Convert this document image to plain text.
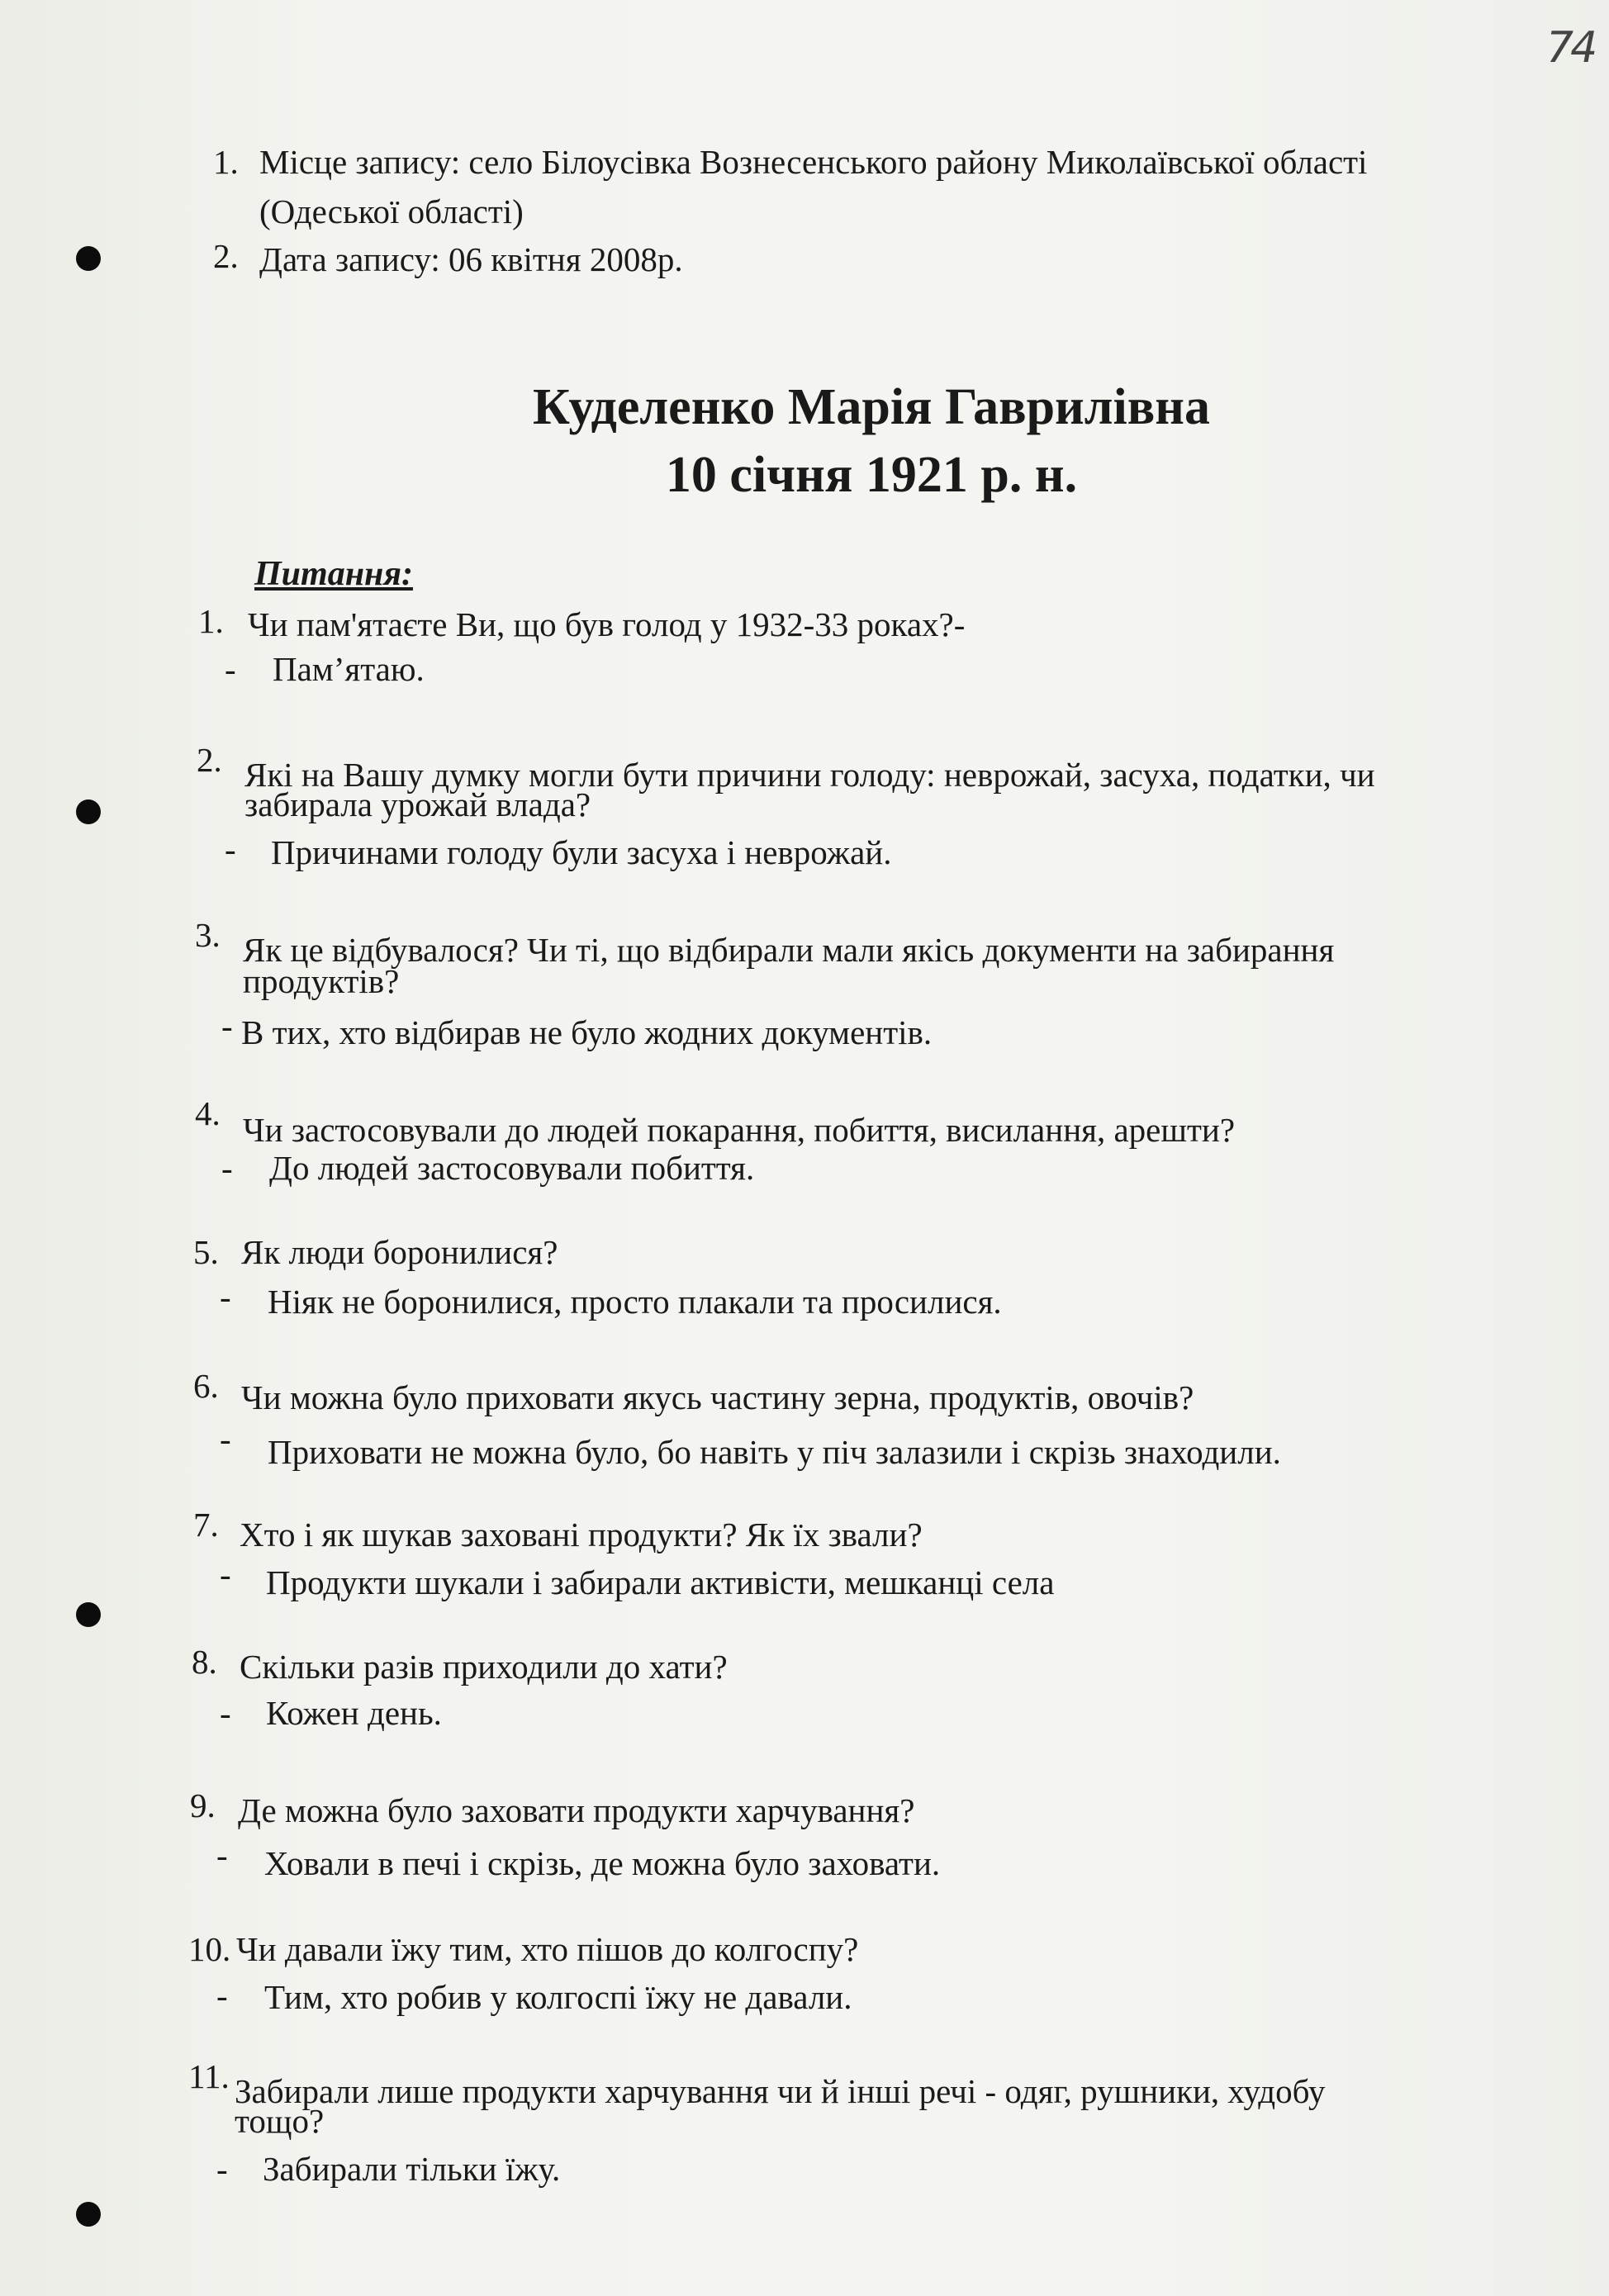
74
1. Місце запису: село Білоусівка Вознесенського району Миколаївської області
(Одеської області)
2. Дата запису: 06 квітня 2008р.
Куделенко Марія Гаврилівна
10 січня 1921 р. н.
Питання:
1. Чи пам'ятаєте Ви, що був голод у 1932-33 роках?-
- Пам’ятаю.
2. Які на Вашу думку могли бути причини голоду: неврожай, засуха, податки, чи
забирала урожай влада?
- Причинами голоду були засуха і неврожай.
3. Як це відбувалося? Чи ті, що відбирали мали якісь документи на забирання
продуктів?
- В тих, хто відбирав не було жодних документів.
4. Чи застосовували до людей покарання, побиття, висилання, арешти?
- До людей застосовували побиття.
5. Як люди боронилися?
- Ніяк не боронилися, просто плакали та просилися.
6. Чи можна було приховати якусь частину зерна, продуктів, овочів?
- Приховати не можна було, бо навіть у піч залазили і скрізь знаходили.
7. Хто і як шукав заховані продукти? Як їх звали?
- Продукти шукали і забирали активісти, мешканці села
8. Скільки разів приходили до хати?
- Кожен день.
9. Де можна було заховати продукти харчування?
- Ховали в печі і скрізь, де можна було заховати.
10. Чи давали їжу тим, хто пішов до колгоспу?
- Тим, хто робив у колгоспі їжу не давали.
11. Забирали лише продукти харчування чи й інші речі - одяг, рушники, худобу
тощо?
- Забирали тільки їжу.
